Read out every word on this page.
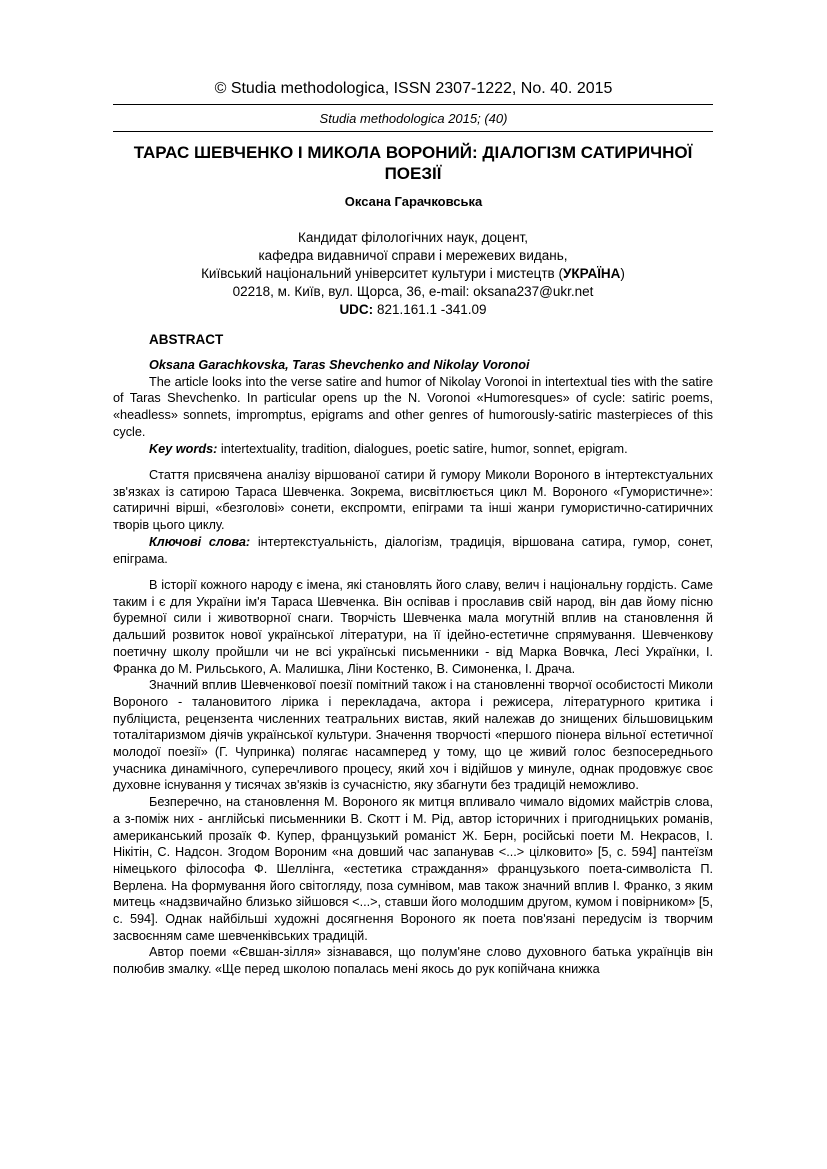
© Studia methodologica, ISSN 2307-1222, No. 40. 2015
Studia methodologica 2015; (40)
ТАРАС ШЕВЧЕНКО І МИКОЛА ВОРОНИЙ: ДІАЛОГІЗМ САТИРИЧНОЇ ПОЕЗІЇ
Оксана Гарачковська
Кандидат філологічних наук, доцент,
кафедра видавничої справи і мережевих видань,
Київський національний університет культури і мистецтв (УКРАЇНА)
02218, м. Київ, вул. Щорса, 36, e-mail: oksana237@ukr.net
UDC: 821.161.1 -341.09
ABSTRACT

Oksana Garachkovska, Taras Shevchenko and Nikolay Voronoi

The article looks into the verse satire and humor of Nikolay Voronoi in intertextual ties with the satire of Taras Shevchenko. In particular opens up the N. Voronoi «Humoresques» of cycle: satiric poems, «headless» sonnets, impromptus, epigrams and other genres of humorously-satiric masterpieces of this cycle.

Key words: intertextuality, tradition, dialogues, poetic satire, humor, sonnet, epigram.

Стаття присвячена аналізу віршованої сатири й гумору Миколи Вороного в інтертекстуальних зв'язках із сатирою Тараса Шевченка. Зокрема, висвітлюється цикл М. Вороного «Гумористичне»: сатиричні вірші, «безголові» сонети, експромти, епіграми та інші жанри гумористично-сатиричних творів цього циклу.

Ключові слова: інтертекстуальність, діалогізм, традиція, віршована сатира, гумор, сонет, епіграма.

В історії кожного народу є імена, які становлять його славу, велич і національну гордість. Саме таким і є для України ім'я Тараса Шевченка. Він оспівав і прославив свій народ, він дав йому пісню буремної сили і животворної снаги. Творчість Шевченка мала могутній вплив на становлення й дальший розвиток нової української літератури, на її ідейно-естетичне спрямування. Шевченкову поетичну школу пройшли чи не всі українські письменники - від Марка Вовчка, Лесі Українки, І. Франка до М. Рильського, А. Малишка, Ліни Костенко, В. Симоненка, І. Драча.

Значний вплив Шевченкової поезії помітний також і на становленні творчої особистості Миколи Вороного - талановитого лірика і перекладача, актора і режисера, літературного критика і публіциста, рецензента численних театральних вистав, який належав до знищених більшовицьким тоталітаризмом діячів української культури. Значення творчості «першого піонера вільної естетичної молодої поезії» (Г. Чупринка) полягає насамперед у тому, що це живий голос безпосереднього учасника динамічного, суперечливого процесу, який хоч і відійшов у минуле, однак продовжує своє духовне існування у тисячах зв'язків із сучасністю, яку збагнути без традицій неможливо.

Безперечно, на становлення М. Вороного як митця впливало чимало відомих майстрів слова, а з-поміж них - англійські письменники В. Скотт і М. Рід, автор історичних і пригодницьких романів, американський прозаїк Ф. Купер, французький романіст Ж. Берн, російські поети М. Некрасов, І. Нікітін, С. Надсон. Згодом Вороним «на довший час запанував <...> цілковито» [5, с. 594] пантеїзм німецького філософа Ф. Шеллінга, «естетика страждання» французького поета-символіста П. Верлена. На формування його світогляду, поза сумнівом, мав також значний вплив І. Франко, з яким митець «надзвичайно близько зійшовся <...>, ставши його молодшим другом, кумом і повірником» [5, с. 594]. Однак найбільші художні досягнення Вороного як поета пов'язані передусім із творчим засвоєнням саме шевченківських традицій.

Автор поеми «Євшан-зілля» зізнавався, що полум'яне слово духовного батька українців він полюбив змалку. «Ще перед школою попалась мені якось до рук копійчана книжка
